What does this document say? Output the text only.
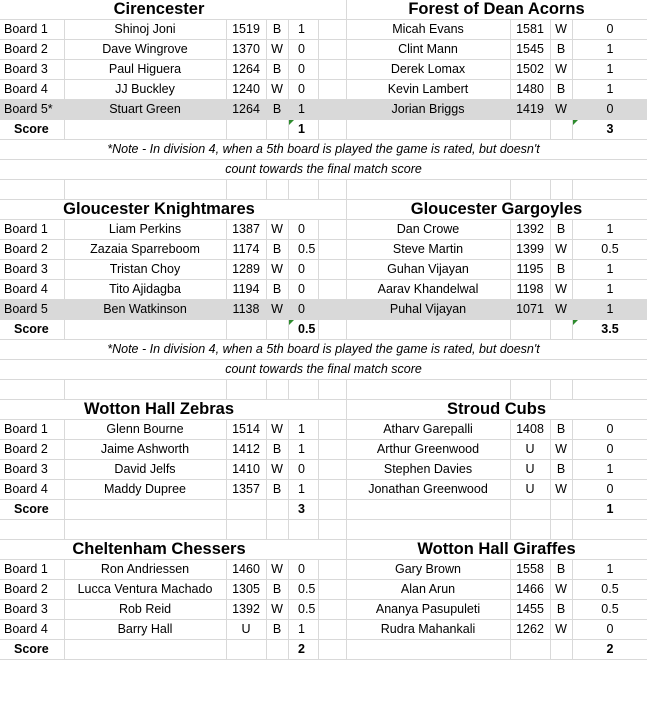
Cirencester	Forest of Dean Acorns
Board 1	Shinoj Joni	1519	B	1	Micah Evans	1581 W	0
Board 2	Dave Wingrove	1370 W	0	Clint Mann	1545	B	1
Board 3	Paul Higuera	1264	B	0	Derek Lomax	1502 W	1
Board 4	JJ Buckley	1240 W	0	Kevin Lambert	1480	B	1
Board 5*	Stuart Green	1264	B	1	Jorian Briggs	1419 W	0
Score	1	3
*Note - In division 4, when a 5th board is played the game is rated, but doesn't
count towards the final match score
Gloucester Knightmares	Gloucester Gargoyles
Board 1	Liam Perkins	1387 W	0	Dan Crowe	1392	B	1
Board 2	Zazaia Sparreboom	1174	B	0.5	Steve Martin	1399 W	0.5
Board 3	Tristan Choy	1289 W	0	Guhan Vijayan	1195	B	1
Board 4	Tito Ajidagba	1194	B	0	Aarav Khandelwal	1198 W	1
Board 5	Ben Watkinson	1138 W	0	Puhal Vijayan	1071 W	1
Score	0.5	3.5
*Note - In division 4, when a 5th board is played the game is rated, but doesn't
count towards the final match score
Wotton Hall Zebras	Stroud Cubs
Board 1	Glenn Bourne	1514 W	1	Atharv Garepalli	1408	B	0
Board 2	Jaime Ashworth	1412	B	1	Arthur Greenwood	U	W	0
Board 3	David Jelfs	1410 W	0	Stephen Davies	U	B	1
Board 4	Maddy Dupree	1357	B	1	Jonathan Greenwood	U	W	0
Score	3	1
Cheltenham Chessers	Wotton Hall Giraffes
Board 1	Ron Andriessen	1460 W	0	Gary Brown	1558	B	1
Board 2	Lucca Ventura Machado	1305	B	0.5	Alan Arun	1466 W	0.5
Board 3	Rob Reid	1392 W	0.5	Ananya Pasupuleti	1455	B	0.5
Board 4	Barry Hall	U	B	1	Rudra Mahankali	1262 W	0
Score	2	2
